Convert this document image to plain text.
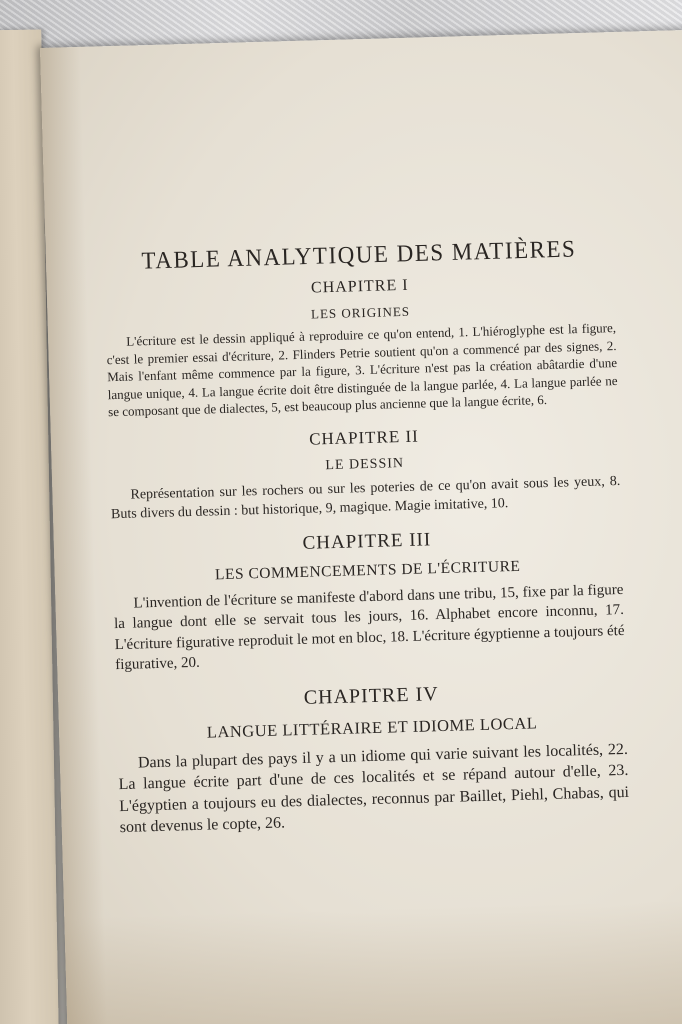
TABLE ANALYTIQUE DES MATIÈRES
CHAPITRE I
LES ORIGINES

L'écriture est le dessin appliqué à reproduire ce qu'on entend, 1. L'hiéroglyphe est la figure, c'est le premier essai d'écriture, 2. Flinders Petrie soutient qu'on a commencé par des signes, 2. Mais l'enfant même commence par la figure, 3. L'écriture n'est pas la création abâtardie d'une langue unique, 4. La langue écrite doit être distinguée de la langue parlée, 4. La langue parlée ne se composant que de dialectes, 5, est beaucoup plus ancienne que la langue écrite, 6.

CHAPITRE II
LE DESSIN

Représentation sur les rochers ou sur les poteries de ce qu'on avait sous les yeux, 8. Buts divers du dessin : but historique, 9, magique. Magie imitative, 10.

CHAPITRE III
LES COMMENCEMENTS DE L'ÉCRITURE

L'invention de l'écriture se manifeste d'abord dans une tribu, 15, fixe par la figure la langue dont elle se servait tous les jours, 16. Alphabet encore inconnu, 17. L'écriture figurative reproduit le mot en bloc, 18. L'écriture égyptienne a toujours été figurative, 20.

CHAPITRE IV
LANGUE LITTÉRAIRE ET IDIOME LOCAL

Dans la plupart des pays il y a un idiome qui varie suivant les localités, 22. La langue écrite part d'une de ces localités et se répand autour d'elle, 23. L'égyptien a toujours eu des dialectes, reconnus par Baillet, Piehl, Chabas, qui sont devenus le copte, 26.
